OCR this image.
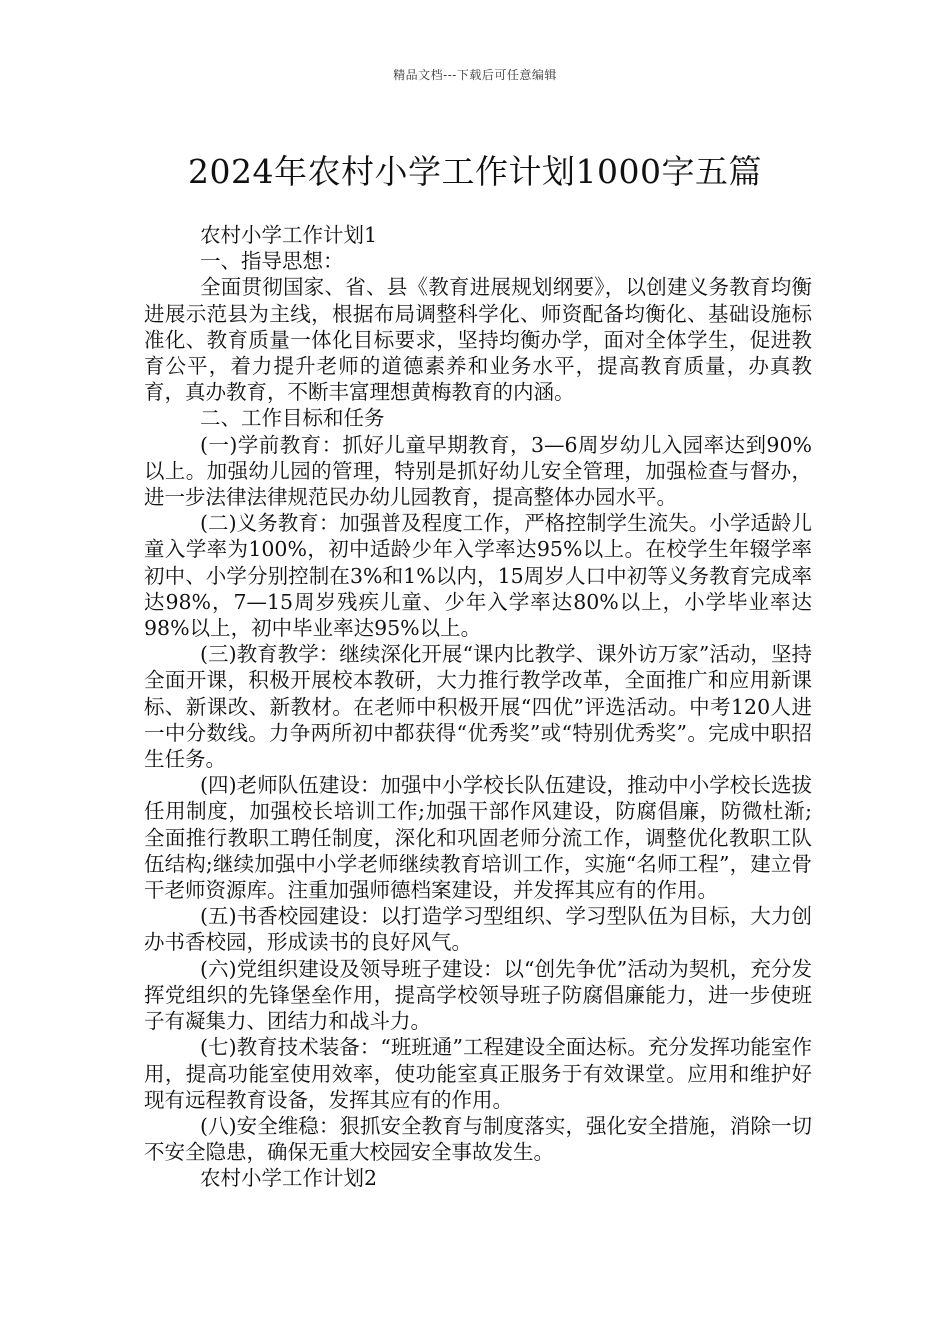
精品文档---下载后可任意编辑
2024年农村小学工作计划1000字五篇

农村小学工作计划1

一、指导思想：

全面贯彻国家、省、县《教育进展规划纲要》，以创建义务教育均衡进展示范县为主线，根据布局调整科学化、师资配备均衡化、基础设施标准化、教育质量一体化目标要求，坚持均衡办学，面对全体学生，促进教育公平，着力提升老师的道德素养和业务水平，提高教育质量，办真教育，真办教育，不断丰富理想黄梅教育的内涵。

二、工作目标和任务

(一)学前教育：抓好儿童早期教育，3—6周岁幼儿入园率达到90%以上。加强幼儿园的管理，特别是抓好幼儿安全管理，加强检查与督办，进一步法律法律规范民办幼儿园教育，提高整体办园水平。

(二)义务教育：加强普及程度工作，严格控制学生流失。小学适龄儿童入学率为100%，初中适龄少年入学率达95%以上。在校学生年辍学率初中、小学分别控制在3%和1%以内，15周岁人口中初等义务教育完成率达98%，7—15周岁残疾儿童、少年入学率达80%以上，小学毕业率达98%以上，初中毕业率达95%以上。

(三)教育教学：继续深化开展“课内比教学、课外访万家”活动，坚持全面开课，积极开展校本教研，大力推行教学改革，全面推广和应用新课标、新课改、新教材。在老师中积极开展“四优”评选活动。中考120人进一中分数线。力争两所初中都获得“优秀奖”或“特别优秀奖”。完成中职招生任务。

(四)老师队伍建设：加强中小学校长队伍建设，推动中小学校长选拔任用制度，加强校长培训工作;加强干部作风建设，防腐倡廉，防微杜渐;全面推行教职工聘任制度，深化和巩固老师分流工作，调整优化教职工队伍结构;继续加强中小学老师继续教育培训工作，实施“名师工程”，建立骨干老师资源库。注重加强师德档案建设，并发挥其应有的作用。

(五)书香校园建设：以打造学习型组织、学习型队伍为目标，大力创办书香校园，形成读书的良好风气。

(六)党组织建设及领导班子建设：以“创先争优”活动为契机，充分发挥党组织的先锋堡垒作用，提高学校领导班子防腐倡廉能力，进一步使班子有凝集力、团结力和战斗力。

(七)教育技术装备：“班班通”工程建设全面达标。充分发挥功能室作用，提高功能室使用效率，使功能室真正服务于有效课堂。应用和维护好现有远程教育设备，发挥其应有的作用。

(八)安全维稳：狠抓安全教育与制度落实，强化安全措施，消除一切不安全隐患，确保无重大校园安全事故发生。

农村小学工作计划2
